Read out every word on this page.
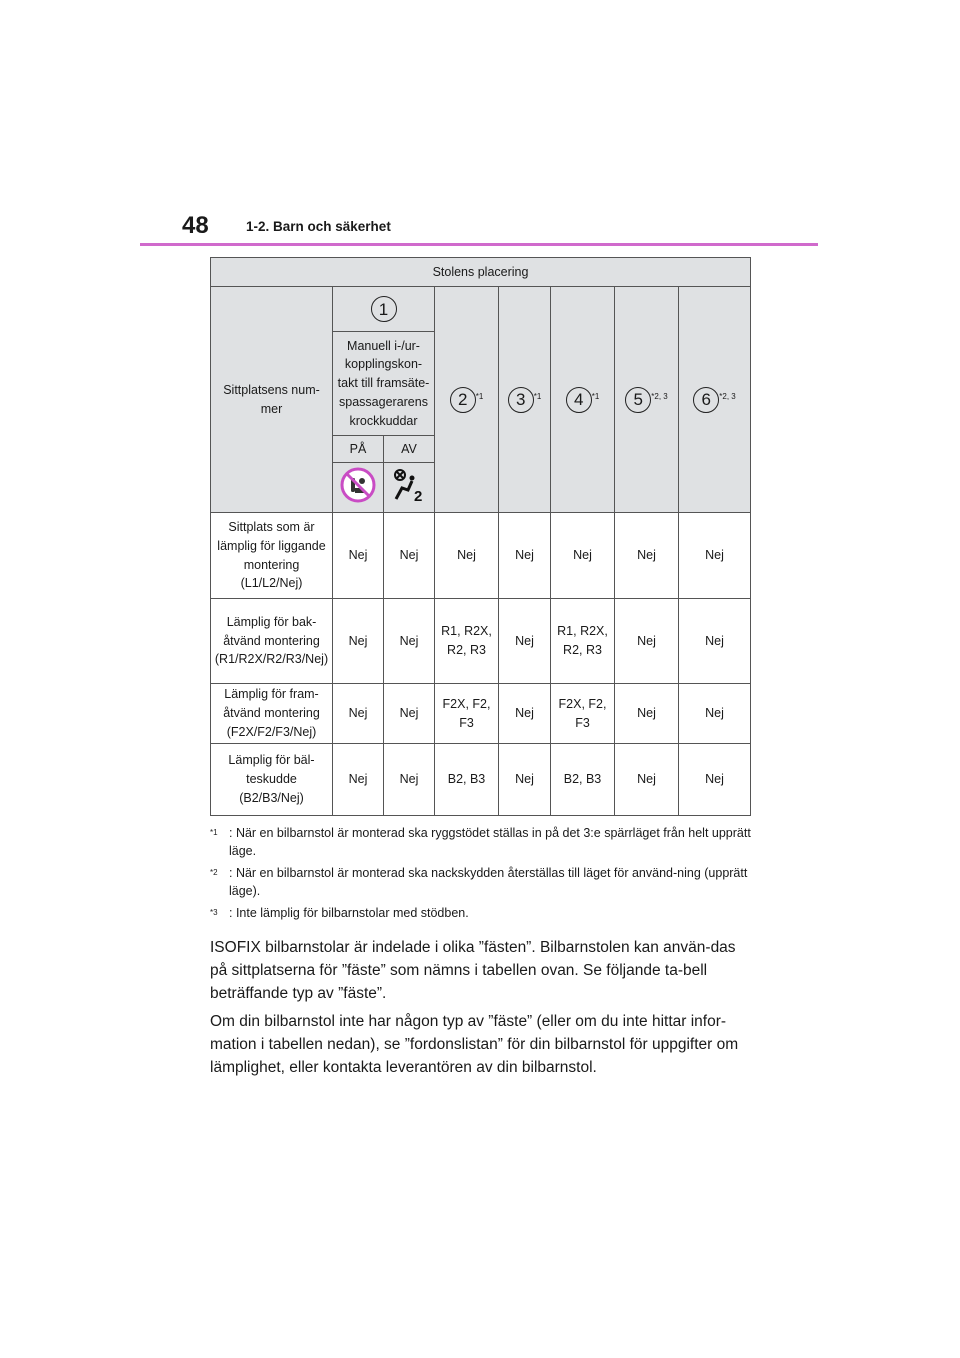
48	1-2. Barn och säkerhet
Stolens placering							
Sittplatsens num-mer	1		2 $^{*1}$	3 $^{*1}$	4 $^{*1}$	5 $^{*2, 3}$	6 $^{*2, 3}$
	Manuell i-/ur-kopplingskon-takt till framsäte-spassagerarens krockkuddar						
	PÅ	AV					

2					

Sittplats som är lämplig för liggande montering (L1/L2/Nej)	Nej	Nej	Nej	Nej	Nej	Nej	Nej
Lämplig för bak-åtvänd montering (R1/R2X/R2/R3/Nej)	Nej	Nej	R1, R2X, R2, R3	Nej	R1, R2X, R2, R3	Nej	Nej
Lämplig för fram-åtvänd montering (F2X/F2/F3/Nej)	Nej	Nej	F2X, F2, F3	Nej	F2X, F2, F3	Nej	Nej
Lämplig för bäl-teskudde (B2/B3/Nej)	Nej	Nej	B2, B3	Nej	B2, B3	Nej	Nej
$^{*1}$ : När en bilbarnstol är monterad ska ryggstödet ställas in på det 3:e spärrläget från helt upprätt läge.
$^{*2}$ : När en bilbarnstol är monterad ska nackskydden återställas till läget för använd-ning (upprätt läge).
$^{*3}$ : Inte lämplig för bilbarnstolar med stödben.

ISOFIX bilbarnstolar är indelade i olika ”fästen”. Bilbarnstolen kan använ-das på sittplatserna för ”fäste” som nämns i tabellen ovan. Se följande ta-bell beträffande typ av ”fäste”.

Om din bilbarnstol inte har någon typ av ”fäste” (eller om du inte hittar infor-mation i tabellen nedan), se ”fordonslistan” för din bilbarnstol för uppgifter om lämplighet, eller kontakta leverantören av din bilbarnstol.
